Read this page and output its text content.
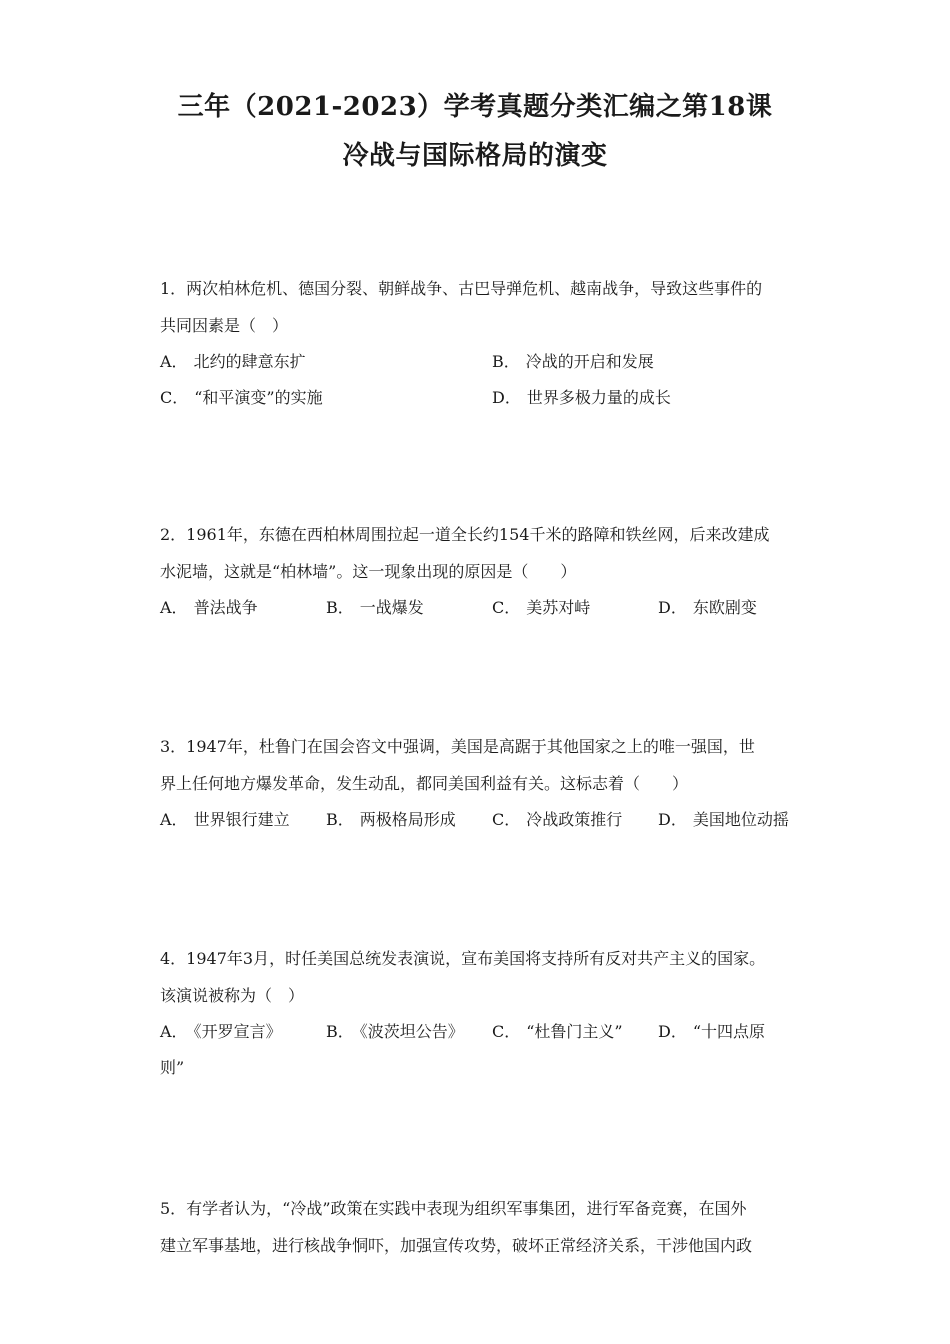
三年（2021-2023）学考真题分类汇编之第18课
冷战与国际格局的演变

1．两次柏林危机、德国分裂、朝鲜战争、古巴导弹危机、越南战争，导致这些事件的
共同因素是（　）

A． 北约的肆意东扩	B． 冷战的开启和发展
C． “和平演变”的实施	D． 世界多极力量的成长

2．1961年，东德在西柏林周围拉起一道全长约154千米的路障和铁丝网，后来改建成
水泥墙，这就是“柏林墙”。这一现象出现的原因是（　　）

A． 普法战争	B． 一战爆发	C． 美苏对峙	D． 东欧剧变

3．1947年，杜鲁门在国会咨文中强调，美国是高踞于其他国家之上的唯一强国，世
界上任何地方爆发革命，发生动乱，都同美国利益有关。这标志着（　　）

A． 世界银行建立 B． 两极格局形成 C． 冷战政策推行 D． 美国地位动摇

4．1947年3月，时任美国总统发表演说，宣布美国将支持所有反对共产主义的国家。
该演说被称为（　）

A． 《开罗宣言》	B． 《波茨坦公告》 C． “杜鲁门主义” D． “十四点原
则”

5．有学者认为，“冷战”政策在实践中表现为组织军事集团，进行军备竞赛，在国外
建立军事基地，进行核战争恫吓，加强宣传攻势，破坏正常经济关系，干涉他国内政
